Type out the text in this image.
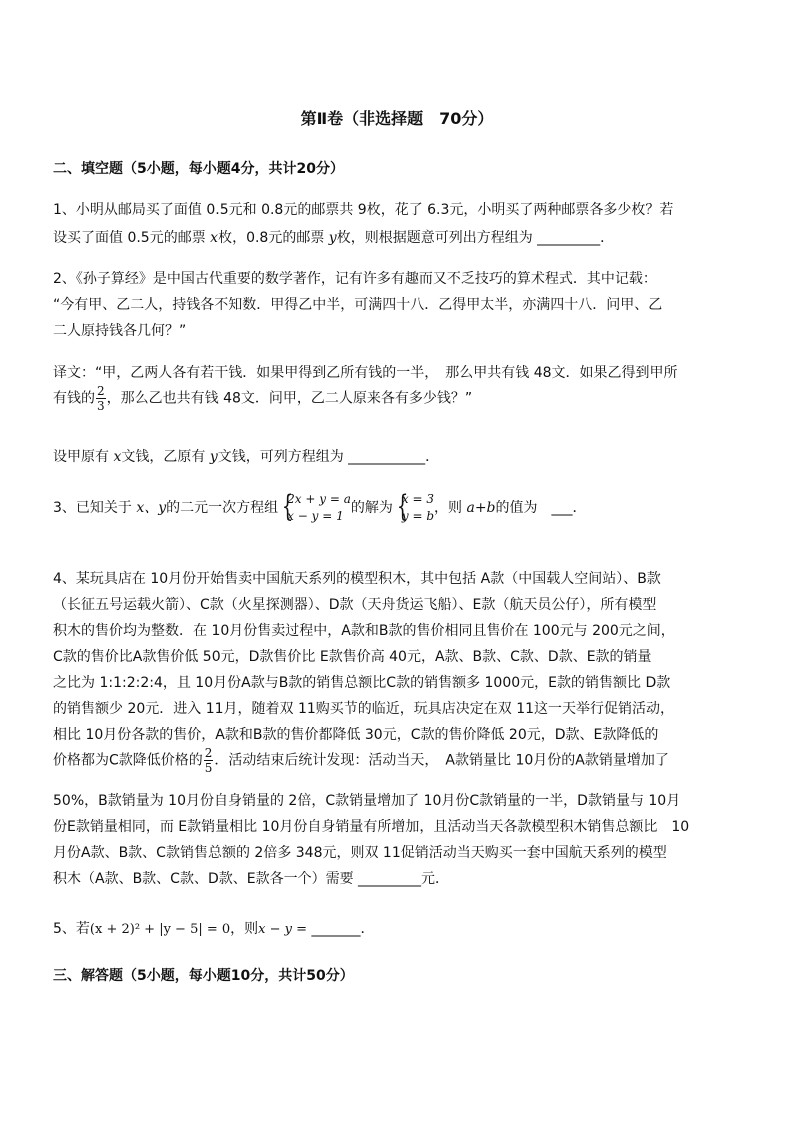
第Ⅱ卷（非选择题　70分）
二、填空题（5小题，每小题4分，共计20分）
1、小明从邮局买了面值 0.5元和 0.8元的邮票共 9枚，花了 6.3元，小明买了两种邮票各多少枚？若
设买了面值 0.5元的邮票 x枚，0.8元的邮票 y枚，则根据题意可列出方程组为 _________．
2、《孙子算经》是中国古代重要的数学著作，记有许多有趣而又不乏技巧的算术程式．其中记载：
“今有甲、乙二人，持钱各不知数．甲得乙中半，可满四十八．乙得甲太半，亦满四十八．问甲、乙
二人原持钱各几何？”
译文：“甲，乙两人各有若干钱．如果甲得到乙所有钱的一半，　那么甲共有钱 48文．如果乙得到甲所
有钱的 $\frac{2}{3}$ ，那么乙也共有钱 48文．问甲，乙二人原来各有多少钱？”
设甲原有 x文钱，乙原有 y文钱，可列方程组为 ___________．
3、已知关于 x、y的二元一次方程组 {
2x + y = a
x − y = 1 的解为 {
x = 3
y = b ，则 a+b的值为　___．
4、某玩具店在 10月份开始售卖中国航天系列的模型积木，其中包括 A款（中国载人空间站）、B款
（长征五号运载火箭）、C款（火星探测器）、D款（天舟货运飞船）、E款（航天员公仔），所有模型
积木的售价均为整数．在 10月份售卖过程中，A款和B款的售价相同且售价在 100元与 200元之间，
C款的售价比A款售价低 50元，D款售价比 E款售价高 40元，A款、B款、C款、D款、E款的销量
之比为 1:1:2:2:4，且 10月份A款与B款的销售总额比C款的销售额多 1000元，E款的销售额比 D款
的销售额少 20元．进入 11月，随着双 11购买节的临近，玩具店决定在双 11这一天举行促销活动，
相比 10月份各款的售价，A款和B款的售价都降低 30元，C款的售价降低 20元，D款、E款降低的
价格都为C款降低价格的 $\frac{2}{5}$ ．活动结束后统计发现：活动当天，　A款销量比 10月份的A款销量增加了
50%，B款销量为 10月份自身销量的 2倍，C款销量增加了 10月份C款销量的一半，D款销量与 10月
份E款销量相同，而 E款销量相比 10月份自身销量有所增加，且活动当天各款模型积木销售总额比　10
月份A款、B款、C款销售总额的 2倍多 348元，则双 11促销活动当天购买一套中国航天系列的模型
积木（A款、B款、C款、D款、E款各一个）需要 _________元．
5、若(x + 2)² + |y − 5| = 0，则x − y = _______．
三、解答题（5小题，每小题10分，共计50分）
